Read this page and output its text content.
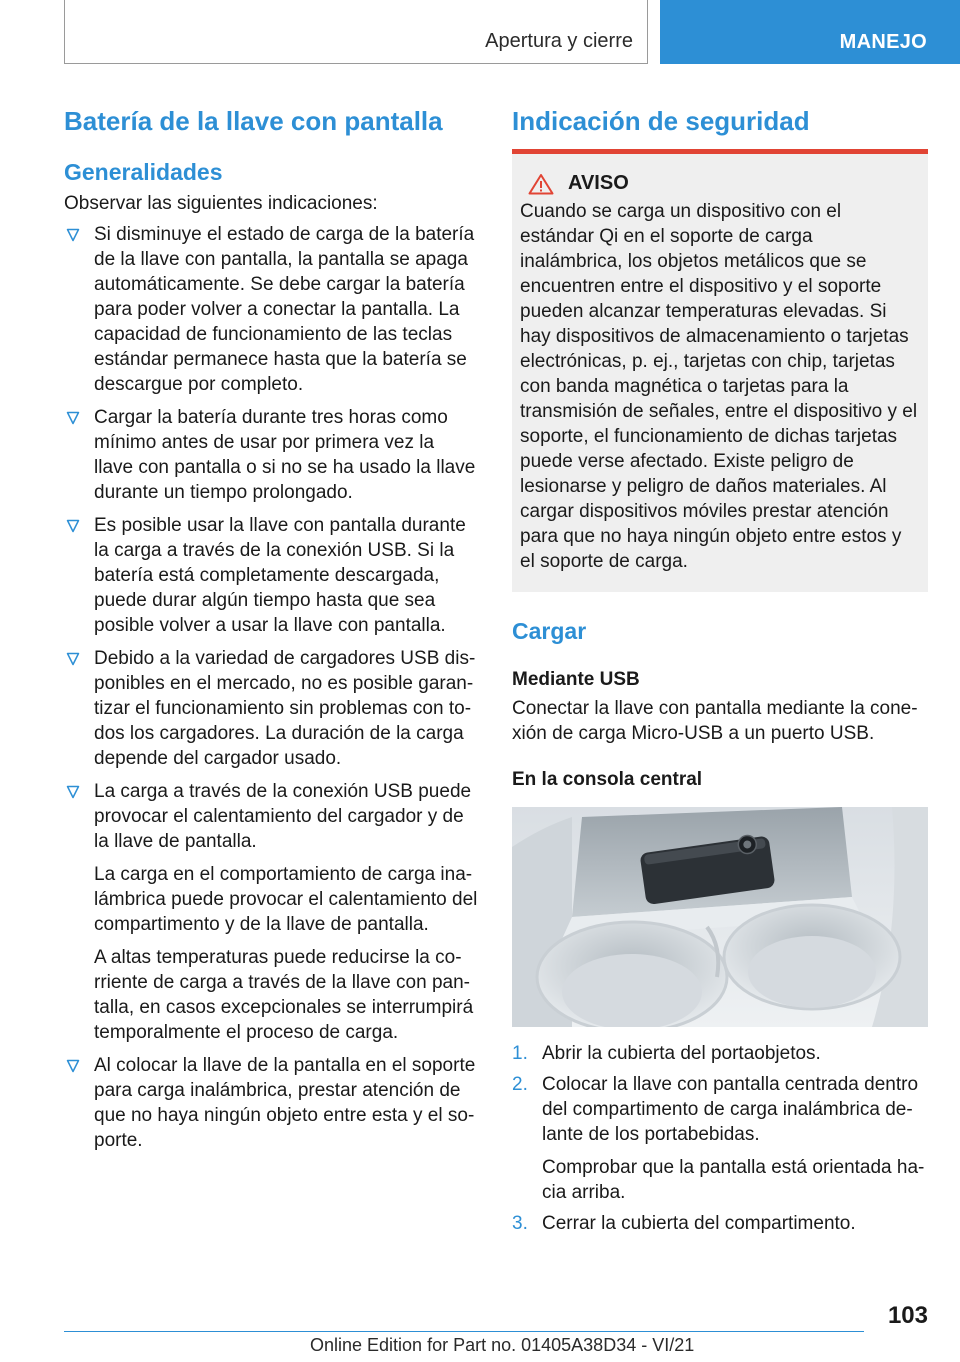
Apertura y cierre	MANEJO
Batería de la llave con pantalla
Generalidades

Observar las siguientes indicaciones:

Si disminuye el estado de carga de la batería de la llave con pantalla, la pantalla se apaga automáticamente. Se debe cargar la batería para poder volver a conectar la pantalla. La capacidad de funcionamiento de las teclas estándar permanece hasta que la batería se descargue por completo.

Cargar la batería durante tres horas como mínimo antes de usar por primera vez la llave con pantalla o si no se ha usado la llave durante un tiempo prolongado.

Es posible usar la llave con pantalla durante la carga a través de la conexión USB. Si la batería está completamente descargada, puede durar algún tiempo hasta que sea posible volver a usar la llave con pantalla.

Debido a la variedad de cargadores USB disponibles en el mercado, no es posible garantizar el funcionamiento sin problemas con todos los cargadores. La duración de la carga depende del cargador usado.

La carga a través de la conexión USB puede provocar el calentamiento del cargador y de la llave de pantalla.

La carga en el comportamiento de carga inalámbrica puede provocar el calentamiento del compartimento y de la llave de pantalla.

A altas temperaturas puede reducirse la corriente de carga a través de la llave con pantalla, en casos excepcionales se interrumpirá temporalmente el proceso de carga.

Al colocar la llave de la pantalla en el soporte para carga inalámbrica, prestar atención de que no haya ningún objeto entre esta y el soporte.

Indicación de seguridad
AVISO

Cuando se carga un dispositivo con el estándar Qi en el soporte de carga inalámbrica, los objetos metálicos que se encuentren entre el dispositivo y el soporte pueden alcanzar temperaturas elevadas. Si hay dispositivos de almacenamiento o tarjetas electrónicas, p. ej., tarjetas con chip, tarjetas con banda magnética o tarjetas para la transmisión de señales, entre el dispositivo y el soporte, el funcionamiento de dichas tarjetas puede verse afectado. Existe peligro de lesionarse y peligro de daños materiales. Al cargar dispositivos móviles prestar atención para que no haya ningún objeto entre estos y el soporte de carga.

Cargar
Mediante USB

Conectar la llave con pantalla mediante la conexión de carga Micro-USB a un puerto USB.

En la consola central
1. Abrir la cubierta del portaobjetos.

2. Colocar la llave con pantalla centrada dentro del compartimento de carga inalámbrica delante de los portabebidas.

Comprobar que la pantalla está orientada hacia arriba.

3. Cerrar la cubierta del compartimento.

103
Online Edition for Part no. 01405A38D34 - VI/21
